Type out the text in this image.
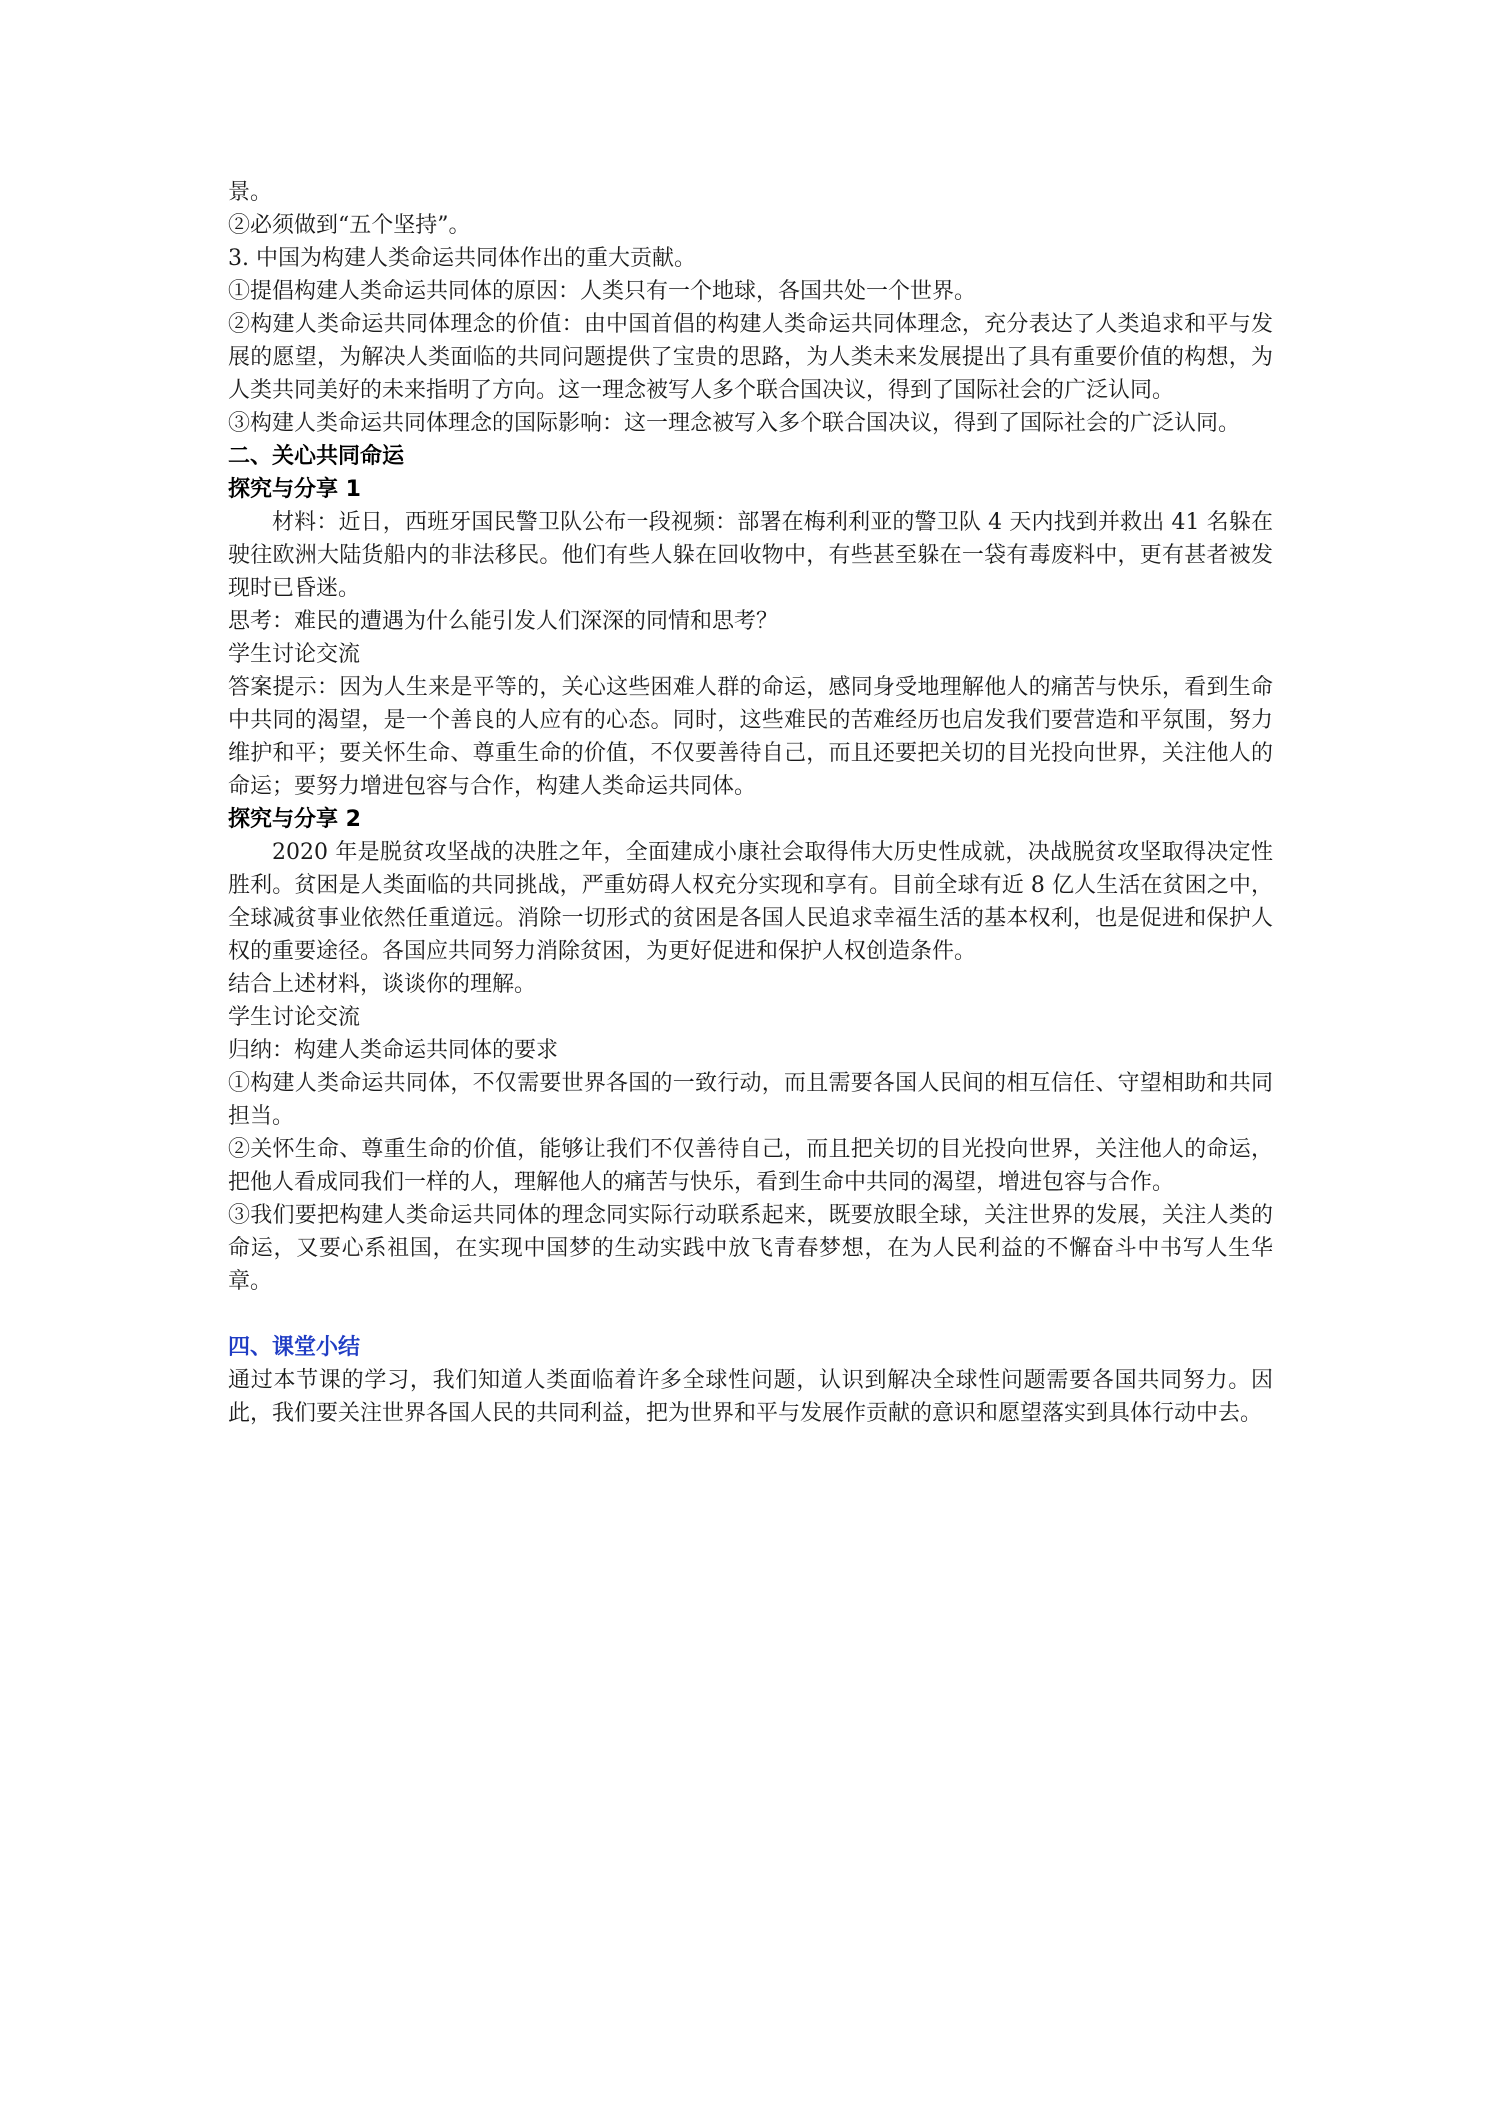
景。

②必须做到“五个坚持”。

3. 中国为构建人类命运共同体作出的重大贡献。

①提倡构建人类命运共同体的原因：人类只有一个地球，各国共处一个世界。

②构建人类命运共同体理念的价值：由中国首倡的构建人类命运共同体理念，充分表达了人类追求和平与发展的愿望，为解决人类面临的共同问题提供了宝贵的思路，为人类未来发展提出了具有重要价值的构想，为人类共同美好的未来指明了方向。这一理念被写人多个联合国决议，得到了国际社会的广泛认同。

③构建人类命运共同体理念的国际影响：这一理念被写入多个联合国决议，得到了国际社会的广泛认同。

二、关心共同命运

探究与分享 1

材料：近日，西班牙国民警卫队公布一段视频：部署在梅利利亚的警卫队 4 天内找到并救出 41 名躲在驶往欧洲大陆货船内的非法移民。他们有些人躲在回收物中，有些甚至躲在一袋有毒废料中，更有甚者被发现时已昏迷。

思考：难民的遭遇为什么能引发人们深深的同情和思考？

学生讨论交流

答案提示：因为人生来是平等的，关心这些困难人群的命运，感同身受地理解他人的痛苦与快乐，看到生命中共同的渴望，是一个善良的人应有的心态。同时，这些难民的苦难经历也启发我们要营造和平氛围，努力维护和平；要关怀生命、尊重生命的价值，不仅要善待自己，而且还要把关切的目光投向世界，关注他人的命运；要努力增进包容与合作，构建人类命运共同体。

探究与分享 2

2020 年是脱贫攻坚战的决胜之年，全面建成小康社会取得伟大历史性成就，决战脱贫攻坚取得决定性胜利。贫困是人类面临的共同挑战，严重妨碍人权充分实现和享有。目前全球有近 8 亿人生活在贫困之中，全球减贫事业依然任重道远。消除一切形式的贫困是各国人民追求幸福生活的基本权利，也是促进和保护人权的重要途径。各国应共同努力消除贫困，为更好促进和保护人权创造条件。

结合上述材料，谈谈你的理解。

学生讨论交流

归纳：构建人类命运共同体的要求

①构建人类命运共同体，不仅需要世界各国的一致行动，而且需要各国人民间的相互信任、守望相助和共同担当。

②关怀生命、尊重生命的价值，能够让我们不仅善待自己，而且把关切的目光投向世界，关注他人的命运，把他人看成同我们一样的人，理解他人的痛苦与快乐，看到生命中共同的渴望，增进包容与合作。

③我们要把构建人类命运共同体的理念同实际行动联系起来，既要放眼全球，关注世界的发展，关注人类的命运，又要心系祖国，在实现中国梦的生动实践中放飞青春梦想，在为人民利益的不懈奋斗中书写人生华章。

四、课堂小结

通过本节课的学习，我们知道人类面临着许多全球性问题，认识到解决全球性问题需要各国共同努力。因此，我们要关注世界各国人民的共同利益，把为世界和平与发展作贡献的意识和愿望落实到具体行动中去。
